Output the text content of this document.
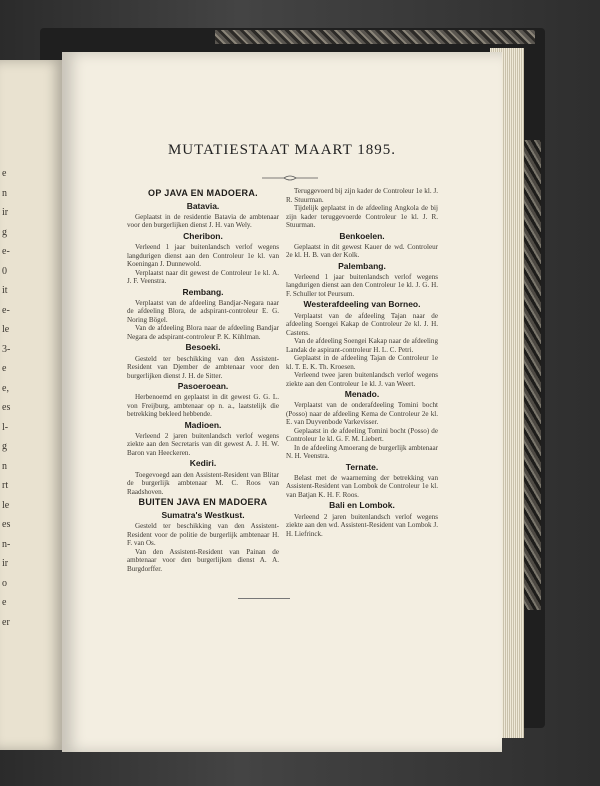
e
n
ir
g
e-
0
it
e-
le
3-
e
e,
es
l-
g
n
rt
le
es
n-
ir
o
e
er
MUTATIESTAAT MAART 1895.
OP JAVA EN MADOERA.
Batavia.
Geplaatst in de residentie Batavia de ambtenaar voor den burgerlijken dienst J. H. van Wely.
Cheribon.
Verleend 1 jaar buitenlandsch verlof wegens langdurigen dienst aan den Controleur 1e kl. van Koeningan J. Dunnewold.
Verplaatst naar dit gewest de Controleur 1e kl. A. J. F. Veenstra.
Rembang.
Verplaatst van de afdeeling Bandjar-Negara naar de afdeeling Blora, de adspirant-controleur E. G. Noring Bögel.
Van de afdeeling Blora naar de afdeeling Bandjar Negara de adspirant-controleur P. K. Kühlman.
Besoeki.
Gesteld ter beschikking van den Assistent-Resident van Djember de ambtenaar voor den burgerlijken dienst J. H. de Sitter.
Pasoeroean.
Herbenoemd en geplaatst in dit gewest G. G. L. von Freijburg, ambtenaar op n. a., laatstelijk die betrekking bekleed hebbende.
Madioen.
Verleend 2 jaren buitenlandsch verlof wegens ziekte aan den Secretaris van dit gewest A. J. H. W. Baron van Heeckeren.
Kediri.
Toegevoegd aan den Assistent-Resident van Blitar de burgerlijk ambtenaar M. C. Roos van Raadshoven.
BUITEN JAVA EN MADOERA
Sumatra's Westkust.
Gesteld ter beschikking van den Assistent-Resident voor de politie de burgerlijk ambtenaar H. F. van Os.
Van den Assistent-Resident van Painan de ambtenaar voor den burgerlijken dienst A. A. Burgdorffer.
Teruggevoerd bij zijn kader de Controleur 1e kl. J. R. Stuurman.
Tijdelijk geplaatst in de afdeeling Angkola de bij zijn kader teruggevoerde Controleur 1e kl. J. R. Stuurman.
Benkoelen.
Geplaatst in dit gewest Kauer de wd. Controleur 2e kl. H. B. van der Kolk.
Palembang.
Verleend 1 jaar buitenlandsch verlof wegens langdurigen dienst aan den Controleur 1e kl. J. G. H. F. Schuller tot Peursum.
Westerafdeeling van Borneo.
Verplaatst van de afdeeling Tajan naar de afdeeling Soengei Kakap de Controleur 2e kl. J. H. Castens.
Van de afdeeling Soengei Kakap naar de afdeeling Landak de aspirant-controleur H. L. C. Petri.
Geplaatst in de afdeeling Tajan de Controleur 1e kl. T. E. K. Th. Kroesen.
Verleend twee jaren buitenlandsch verlof wegens ziekte aan den Controleur 1e kl. J. van Weert.
Menado.
Verplaatst van de onderafdeeling Tomini bocht (Posso) naar de afdeeling Kema de Controleur 2e kl. E. van Duyvenbode Varkevisser.
Geplaatst in de afdeeling Tomini bocht (Posso) de Controleur 1e kl. G. F. M. Liebert.
In de afdeeling Amoerang de burgerlijk ambtenaar N. H. Veenstra.
Ternate.
Belast met de waarneming der betrekking van Assistent-Resident van Lombok de Controleur 1e kl. van Batjan K. H. F. Roos.
Bali en Lombok.
Verleend 2 jaren buitenlandsch verlof wegens ziekte aan den wd. Assistent-Resident van Lombok J. H. Liefrinck.
